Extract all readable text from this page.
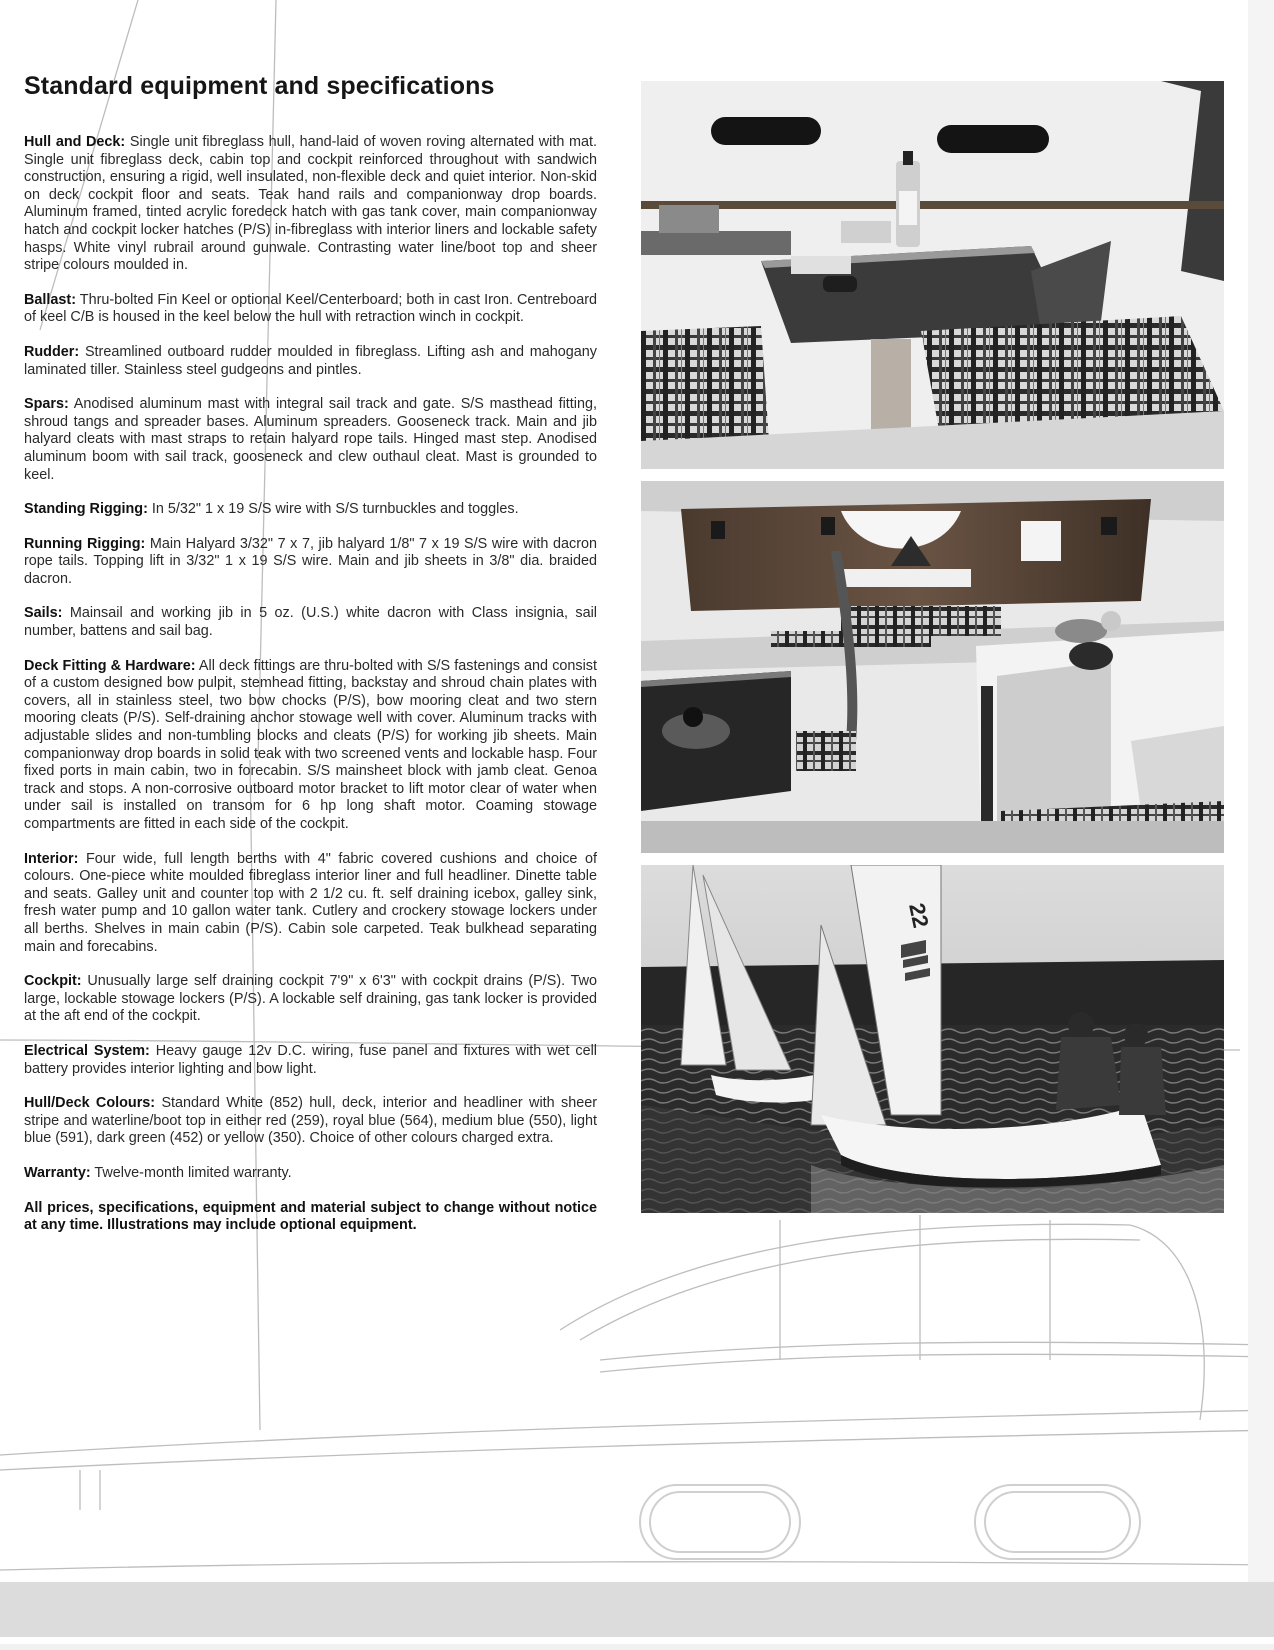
Standard equipment and specifications

Hull and Deck: Single unit fibreglass hull, hand-laid of woven roving alternated with mat. Single unit fibreglass deck, cabin top and cockpit reinforced throughout with sandwich construction, ensuring a rigid, well insulated, non-flexible deck and quiet interior. Non-skid on deck cockpit floor and seats. Teak hand rails and companionway drop boards. Aluminum framed, tinted acrylic foredeck hatch with gas tank cover, main companionway hatch and cockpit locker hatches (P/S) in-fibreglass with interior liners and lockable safety hasps. White vinyl rubrail around gunwale. Contrasting water line/boot top and sheer stripe colours moulded in.

Ballast: Thru-bolted Fin Keel or optional Keel/Centerboard; both in cast Iron. Centreboard of keel C/B is housed in the keel below the hull with retraction winch in cockpit.

Rudder: Streamlined outboard rudder moulded in fibreglass. Lifting ash and mahogany laminated tiller. Stainless steel gudgeons and pintles.

Spars: Anodised aluminum mast with integral sail track and gate. S/S masthead fitting, shroud tangs and spreader bases. Aluminum spreaders. Gooseneck track. Main and jib halyard cleats with mast straps to retain halyard rope tails. Hinged mast step. Anodised aluminum boom with sail track, gooseneck and clew outhaul cleat. Mast is grounded to keel.

Standing Rigging: In 5/32" 1 x 19 S/S wire with S/S turnbuckles and toggles.

Running Rigging: Main Halyard 3/32" 7 x 7, jib halyard 1/8" 7 x 19 S/S wire with dacron rope tails. Topping lift in 3/32" 1 x 19 S/S wire. Main and jib sheets in 3/8" dia. braided dacron.

Sails: Mainsail and working jib in 5 oz. (U.S.) white dacron with Class insignia, sail number, battens and sail bag.

Deck Fitting & Hardware: All deck fittings are thru-bolted with S/S fastenings and consist of a custom designed bow pulpit, stemhead fitting, backstay and shroud chain plates with covers, all in stainless steel, two bow chocks (P/S), bow mooring cleat and two stern mooring cleats (P/S). Self-draining anchor stowage well with cover. Aluminum tracks with adjustable slides and non-tumbling blocks and cleats (P/S) for working jib sheets. Main companionway drop boards in solid teak with two screened vents and lockable hasp. Four fixed ports in main cabin, two in forecabin. S/S mainsheet block with jamb cleat. Genoa track and stops. A non-corrosive outboard motor bracket to lift motor clear of water when under sail is installed on transom for 6 hp long shaft motor. Coaming stowage compartments are fitted in each side of the cockpit.

Interior: Four wide, full length berths with 4" fabric covered cushions and choice of colours. One-piece white moulded fibreglass interior liner and full headliner. Dinette table and seats. Galley unit and counter top with 2 1/2 cu. ft. self draining icebox, galley sink, fresh water pump and 10 gallon water tank. Cutlery and crockery stowage lockers under all berths. Shelves in main cabin (P/S). Cabin sole carpeted. Teak bulkhead separating main and forecabins.

Cockpit: Unusually large self draining cockpit 7'9" x 6'3" with cockpit drains (P/S). Two large, lockable stowage lockers (P/S). A lockable self draining, gas tank locker is provided at the aft end of the cockpit.

Electrical System: Heavy gauge 12v D.C. wiring, fuse panel and fixtures with wet cell battery provides interior lighting and bow light.

Hull/Deck Colours: Standard White (852) hull, deck, interior and headliner with sheer stripe and waterline/boot top in either red (259), royal blue (564), medium blue (550), light blue (591), dark green (452) or yellow (350). Choice of other colours charged extra.

Warranty: Twelve-month limited warranty.

All prices, specifications, equipment and material subject to change without notice at any time. Illustrations may include optional equipment.

22
